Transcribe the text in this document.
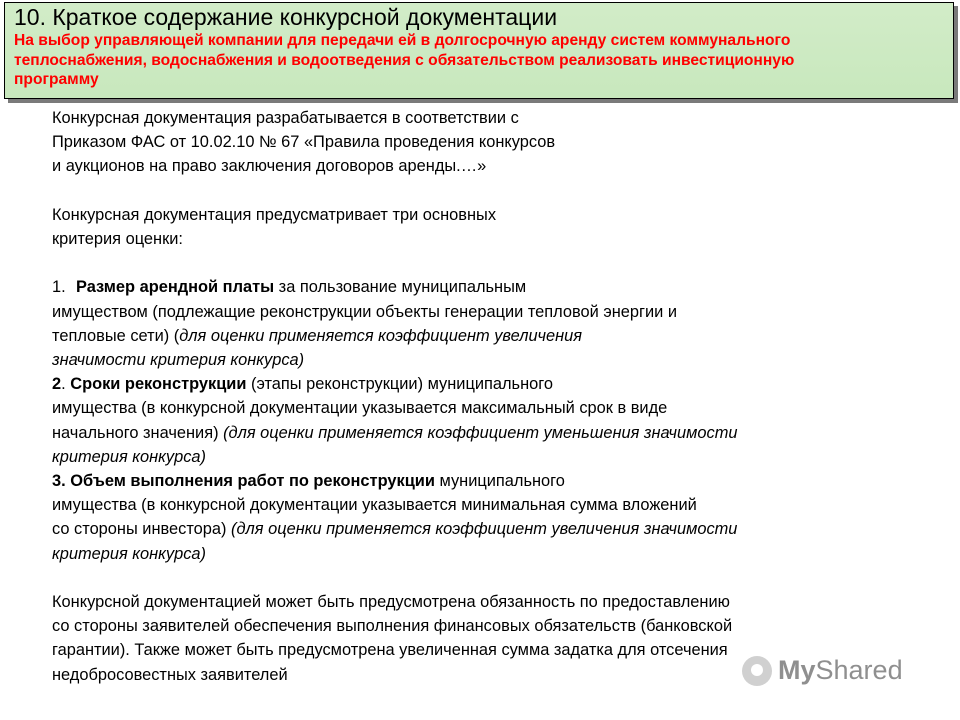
10. Краткое содержание конкурсной документации
На выбор управляющей компании для передачи ей в долгосрочную аренду систем коммунального
теплоснабжения, водоснабжения и водоотведения с обязательством реализовать инвестиционную
программу
Конкурсная документация разрабатывается в соответствии с
Приказом ФАС от 10.02.10 № 67 «Правила проведения конкурсов
и аукционов на право заключения договоров аренды.…»
Конкурсная документация предусматривает три основных
критерия оценки:
1. Размер арендной платы за пользование муниципальным
имуществом (подлежащие реконструкции объекты генерации тепловой энергии и
тепловые сети) (для оценки применяется коэффициент увеличения
значимости критерия конкурса)
2. Сроки реконструкции (этапы реконструкции) муниципального
имущества (в конкурсной документации указывается максимальный срок в виде
начального значения) (для оценки применяется коэффициент уменьшения значимости
критерия конкурса)
3. Объем выполнения работ по реконструкции муниципального
имущества (в конкурсной документации указывается минимальная сумма вложений
со стороны инвестора) (для оценки применяется коэффициент увеличения значимости
критерия конкурса)
Конкурсной документацией может быть предусмотрена обязанность по предоставлению
со стороны заявителей обеспечения выполнения финансовых обязательств (банковской
гарантии). Также может быть предусмотрена увеличенная сумма задатка для отсечения
недобросовестных заявителей	MyShared
